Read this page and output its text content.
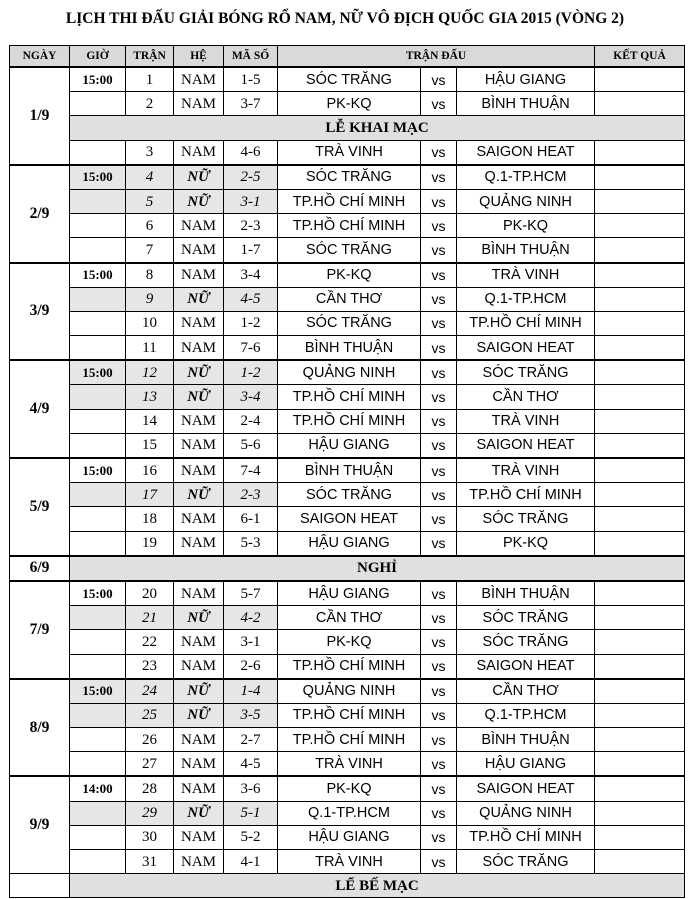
LỊCH THI ĐẤU GIẢI BÓNG RỔ NAM, NỮ VÔ ĐỊCH QUỐC GIA 2015 (VÒNG 2)
NGÀY	GIỜ	TRẬN	HỆ	MÃ SỐ	TRẬN ĐẤU			KẾT QUẢ
1/9	15:00	1	NAM	1-5	SÓC TRĂNG	vs	HẬU GIANG	
		2	NAM	3-7	PK-KQ	vs	BÌNH THUẬN	
	LỄ KHAI MẠC							
		3	NAM	4-6	TRÀ VINH	vs	SAIGON HEAT	
2/9	15:00	4	NỮ	2-5	SÓC TRĂNG	vs	Q.1-TP.HCM	
		5	NỮ	3-1	TP.HỒ CHÍ MINH	vs	QUẢNG NINH	
		6	NAM	2-3	TP.HỒ CHÍ MINH	vs	PK-KQ	
		7	NAM	1-7	SÓC TRĂNG	vs	BÌNH THUẬN	
3/9	15:00	8	NAM	3-4	PK-KQ	vs	TRÀ VINH	
		9	NỮ	4-5	CẦN THƠ	vs	Q.1-TP.HCM	
		10	NAM	1-2	SÓC TRĂNG	vs	TP.HỒ CHÍ MINH	
		11	NAM	7-6	BÌNH THUẬN	vs	SAIGON HEAT	
4/9	15:00	12	NỮ	1-2	QUẢNG NINH	vs	SÓC TRĂNG	
		13	NỮ	3-4	TP.HỒ CHÍ MINH	vs	CẦN THƠ	
		14	NAM	2-4	TP.HỒ CHÍ MINH	vs	TRÀ VINH	
		15	NAM	5-6	HẬU GIANG	vs	SAIGON HEAT	
5/9	15:00	16	NAM	7-4	BÌNH THUẬN	vs	TRÀ VINH	
		17	NỮ	2-3	SÓC TRĂNG	vs	TP.HỒ CHÍ MINH	
		18	NAM	6-1	SAIGON HEAT	vs	SÓC TRĂNG	
		19	NAM	5-3	HẬU GIANG	vs	PK-KQ	
6/9	NGHỈ							
7/9	15:00	20	NAM	5-7	HẬU GIANG	vs	BÌNH THUẬN	
		21	NỮ	4-2	CẦN THƠ	vs	SÓC TRĂNG	
		22	NAM	3-1	PK-KQ	vs	SÓC TRĂNG	
		23	NAM	2-6	TP.HỒ CHÍ MINH	vs	SAIGON HEAT	
8/9	15:00	24	NỮ	1-4	QUẢNG NINH	vs	CẦN THƠ	
		25	NỮ	3-5	TP.HỒ CHÍ MINH	vs	Q.1-TP.HCM	
		26	NAM	2-7	TP.HỒ CHÍ MINH	vs	BÌNH THUẬN	
		27	NAM	4-5	TRÀ VINH	vs	HẬU GIANG	
9/9	14:00	28	NAM	3-6	PK-KQ	vs	SAIGON HEAT	
		29	NỮ	5-1	Q.1-TP.HCM	vs	QUẢNG NINH	
		30	NAM	5-2	HẬU GIANG	vs	TP.HỒ CHÍ MINH	
		31	NAM	4-1	TRÀ VINH	vs	SÓC TRĂNG	
	LỂ BẾ MẠC							
